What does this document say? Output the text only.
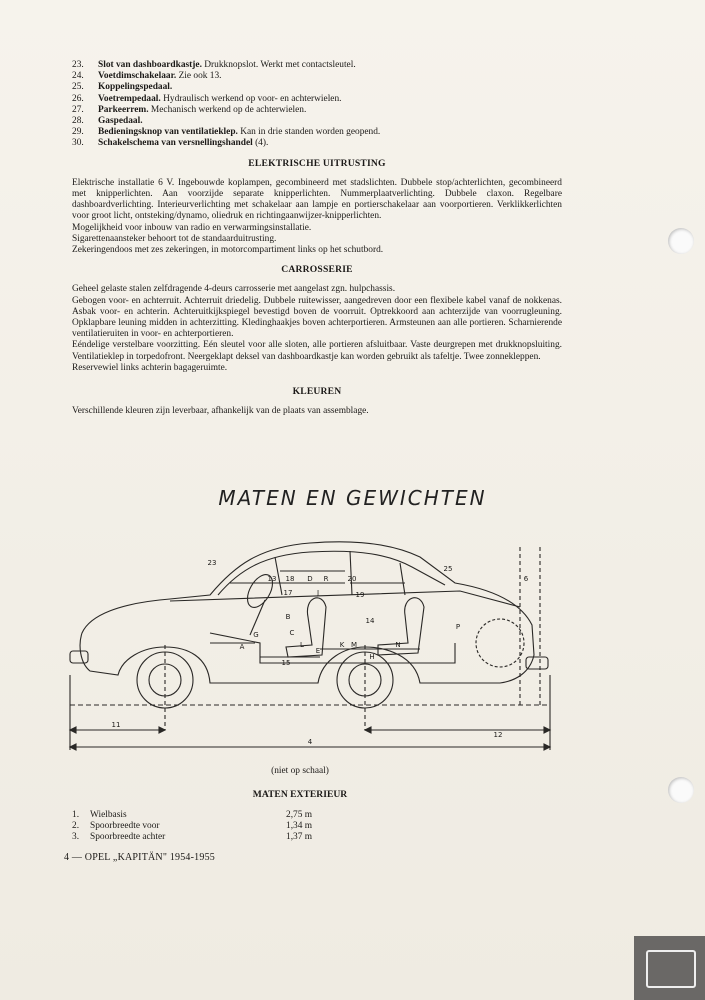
23.	Slot van dashboardkastje. Drukknopslot. Werkt met contactsleutel.
24.	Voetdimschakelaar. Zie ook 13.
25.	Koppelingspedaal.
26.	Voetrempedaal. Hydraulisch werkend op voor- en achterwielen.
27.	Parkeerrem. Mechanisch werkend op de achterwielen.
28.	Gaspedaal.
29.	Bedieningsknop van ventilatieklep. Kan in drie standen worden geopend.
30.	Schakelschema van versnellingshandel (4).
ELEKTRISCHE UITRUSTING

Elektrische installatie 6 V. Ingebouwde koplampen, gecombineerd met stadslichten. Dubbele stop/achterlichten, gecombineerd met knipperlichten. Aan voorzijde separate knipperlichten. Nummerplaatverlichting. Dubbele claxon. Regelbare dashboardverlichting. Interieurverlichting met schakelaar aan lampje en portierschakelaar aan voorportieren. Verklikkerlichten voor groot licht, ontsteking/dynamo, oliedruk en richtingaanwijzer-knipperlichten.

Mogelijkheid voor inbouw van radio en verwarmingsinstallatie.

Sigarettenaansteker behoort tot de standaarduitrusting.

Zekeringendoos met zes zekeringen, in motorcompartiment links op het schutbord.

CARROSSERIE

Geheel gelaste stalen zelfdragende 4-deurs carrosserie met aangelast zgn. hulpchassis.

Gebogen voor- en achterruit. Achterruit driedelig. Dubbele ruitewisser, aangedreven door een flexibele kabel vanaf de nokkenas. Asbak voor- en achterin. Achteruitkijkspiegel bevestigd boven de voorruit. Optrekkoord aan achterzijde van voorrugleuning. Opklapbare leuning midden in achterzitting. Kledinghaakjes boven achterportieren. Armsteunen aan alle portieren. Scharnierende ventilatieruiten in voor- en achterportieren.

Eéndelige verstelbare voorzitting. Eén sleutel voor alle sloten, alle portieren afsluitbaar. Vaste deurgrepen met drukknopsluiting. Ventilatieklep in torpedofront. Neergeklapt deksel van dashboardkastje kan worden gebruikt als tafeltje. Twee zonnekleppen.

Reservewiel links achterin bagageruimte.

KLEUREN

Verschillende kleuren zijn leverbaar, afhankelijk van de plaats van assemblage.

MATEN EN GEWICHTEN
23
13 18 D R	20
25
6
19
17	J
G
B
C
14
P
A	L
E
K M
H
N
15
11
12
4
(niet op schaal)
MATEN EXTERIEUR
1.	Wielbasis	2,75 m
2.	Spoorbreedte voor	1,34 m
3.	Spoorbreedte achter	1,37 m
4 — OPEL „KAPITÄN" 1954-1955
